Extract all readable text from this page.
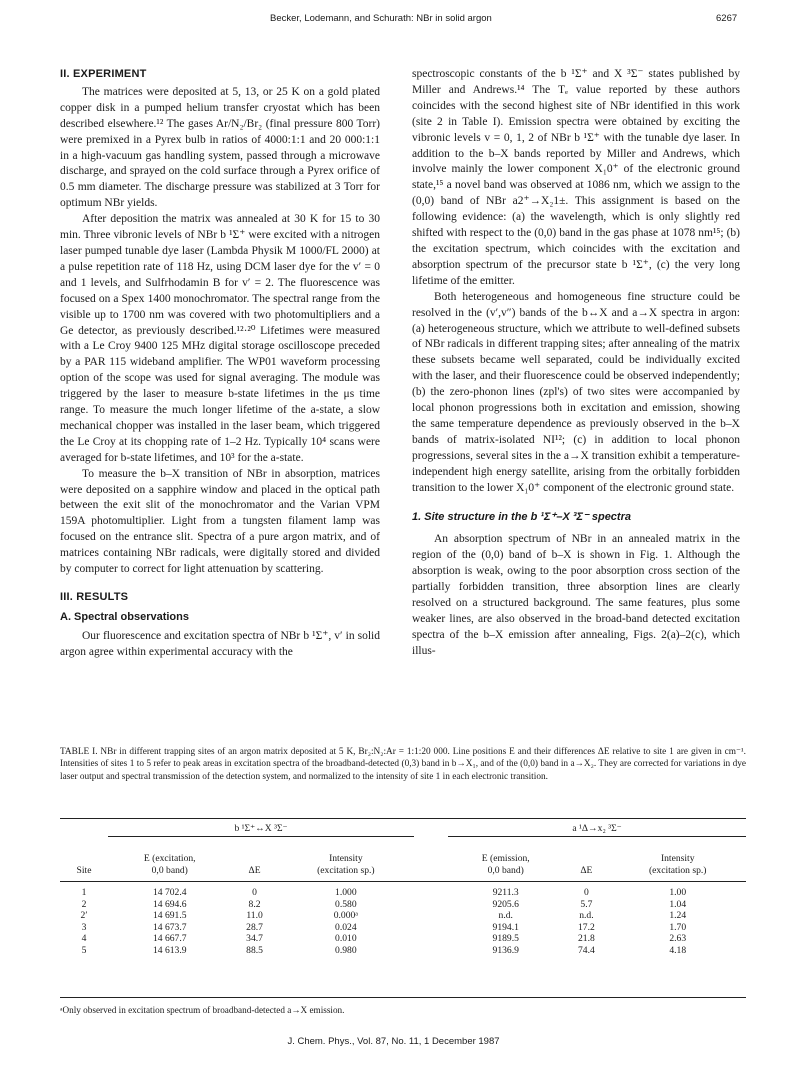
Becker, Lodemann, and Schurath: NBr in solid argon	6267
II. EXPERIMENT

The matrices were deposited at 5, 13, or 25 K on a gold plated copper disk in a pumped helium transfer cryostat which has been described elsewhere.¹² The gases Ar/N₂/Br₂ (final pressure 800 Torr) were premixed in a Pyrex bulb in ratios of 4000:1:1 and 20 000:1:1 in a high-vacuum gas handling system, passed through a microwave discharge, and sprayed on the cold surface through a Pyrex orifice of 0.5 mm diameter. The discharge pressure was stabilized at 3 Torr for optimum NBr yields.

After deposition the matrix was annealed at 30 K for 15 to 30 min. Three vibronic levels of NBr b ¹Σ⁺ were excited with a nitrogen laser pumped tunable dye laser (Lambda Physik M 1000/FL 2000) at a pulse repetition rate of 118 Hz, using DCM laser dye for the v′ = 0 and 1 levels, and Sulfrhodamin B for v′ = 2. The fluorescence was focused on a Spex 1400 monochromator. The spectral range from the visible up to 1700 nm was covered with two photomultipliers and a Ge detector, as previously described.¹²·²⁰ Lifetimes were measured with a Le Croy 9400 125 MHz digital storage oscilloscope preceded by a PAR 115 wideband amplifier. The WP01 waveform processing option of the scope was used for signal averaging. The module was triggered by the laser to measure b-state lifetimes in the μs time range. To measure the much longer lifetime of the a-state, a slow mechanical chopper was installed in the laser beam, which triggered the Le Croy at its chopping rate of 1–2 Hz. Typically 10⁴ scans were averaged for b-state lifetimes, and 10³ for the a-state.

To measure the b–X transition of NBr in absorption, matrices were deposited on a sapphire window and placed in the optical path between the exit slit of the monochromator and the Varian VPM 159A photomultiplier. Light from a tungsten filament lamp was focused on the entrance slit. Spectra of a pure argon matrix, and of matrices containing NBr radicals, were digitally stored and divided by computer to correct for light attenuation by scattering.

III. RESULTS
A. Spectral observations

Our fluorescence and excitation spectra of NBr b ¹Σ⁺, v′ in solid argon agree within experimental accuracy with the

spectroscopic constants of the b ¹Σ⁺ and X ³Σ⁻ states published by Miller and Andrews.¹⁴ The Tₑ value reported by these authors coincides with the second highest site of NBr identified in this work (site 2 in Table I). Emission spectra were obtained by exciting the vibronic levels v = 0, 1, 2 of NBr b ¹Σ⁺ with the tunable dye laser. In addition to the b–X bands reported by Miller and Andrews, which involve mainly the lower component X₁0⁺ of the electronic ground state,¹⁵ a novel band was observed at 1086 nm, which we assign to the (0,0) band of NBr a2⁺→X₂1±. This assignment is based on the following evidence: (a) the wavelength, which is only slightly red shifted with respect to the (0,0) band in the gas phase at 1078 nm¹⁵; (b) the excitation spectrum, which coincides with the excitation and absorption spectrum of the precursor state b ¹Σ⁺, (c) the very long lifetime of the emitter.

Both heterogeneous and homogeneous fine structure could be resolved in the (v′,v″) bands of the b↔X and a→X spectra in argon: (a) heterogeneous structure, which we attribute to well-defined subsets of NBr radicals in different trapping sites; after annealing of the matrix these subsets became well separated, could be individually excited with the laser, and their fluorescence could be observed independently; (b) the zero-phonon lines (zpl's) of two sites were accompanied by local phonon progressions both in excitation and emission, showing the same temperature dependence as previously observed in the b–X bands of matrix-isolated NI¹²; (c) in addition to local phonon progressions, several sites in the a→X transition exhibit a temperature-independent high energy satellite, arising from the orbitally forbidden transition to the lower X₁0⁺ component of the electronic ground state.

1. Site structure in the b ¹Σ⁺–X ³Σ⁻ spectra

An absorption spectrum of NBr in an annealed matrix in the region of the (0,0) band of b–X is shown in Fig. 1. Although the absorption is weak, owing to the poor absorption cross section of the partially forbidden transition, three absorption lines are clearly resolved on a structured background. The same features, plus some weaker lines, are also observed in the broad-band detected excitation spectra of the b–X emission after annealing, Figs. 2(a)–2(c), which illus-

TABLE I. NBr in different trapping sites of an argon matrix deposited at 5 K, Br₂:N₂:Ar = 1:1:20 000. Line positions E and their differences ΔE relative to site 1 are given in cm⁻¹. Intensities of sites 1 to 5 refer to peak areas in excitation spectra of the broadband-detected (0,3) band in b→X₁, and of the (0,0) band in a→X₂. They are corrected for variations in dye laser output and spectral transmission of the detection system, and normalized to the intensity of site 1 in each electronic transition.
	b ¹Σ⁺↔X ³Σ⁻				a ¹Δ→x₂ ³Σ⁻		
Site	E (excitation,
0,0 band)	ΔE	Intensity
(excitation sp.)		E (emission,
0,0 band)	ΔE	Intensity
(excitation sp.)
1	14 702.4	0	1.000		9211.3	0	1.00
2	14 694.6	8.2	0.580		9205.6	5.7	1.04
2′	14 691.5	11.0	0.000ᵃ		n.d.	n.d.	1.24
3	14 673.7	28.7	0.024		9194.1	17.2	1.70
4	14 667.7	34.7	0.010		9189.5	21.8	2.63
5	14 613.9	88.5	0.980		9136.9	74.4	4.18
ᵃOnly observed in excitation spectrum of broadband-detected a→X emission.
J. Chem. Phys., Vol. 87, No. 11, 1 December 1987
